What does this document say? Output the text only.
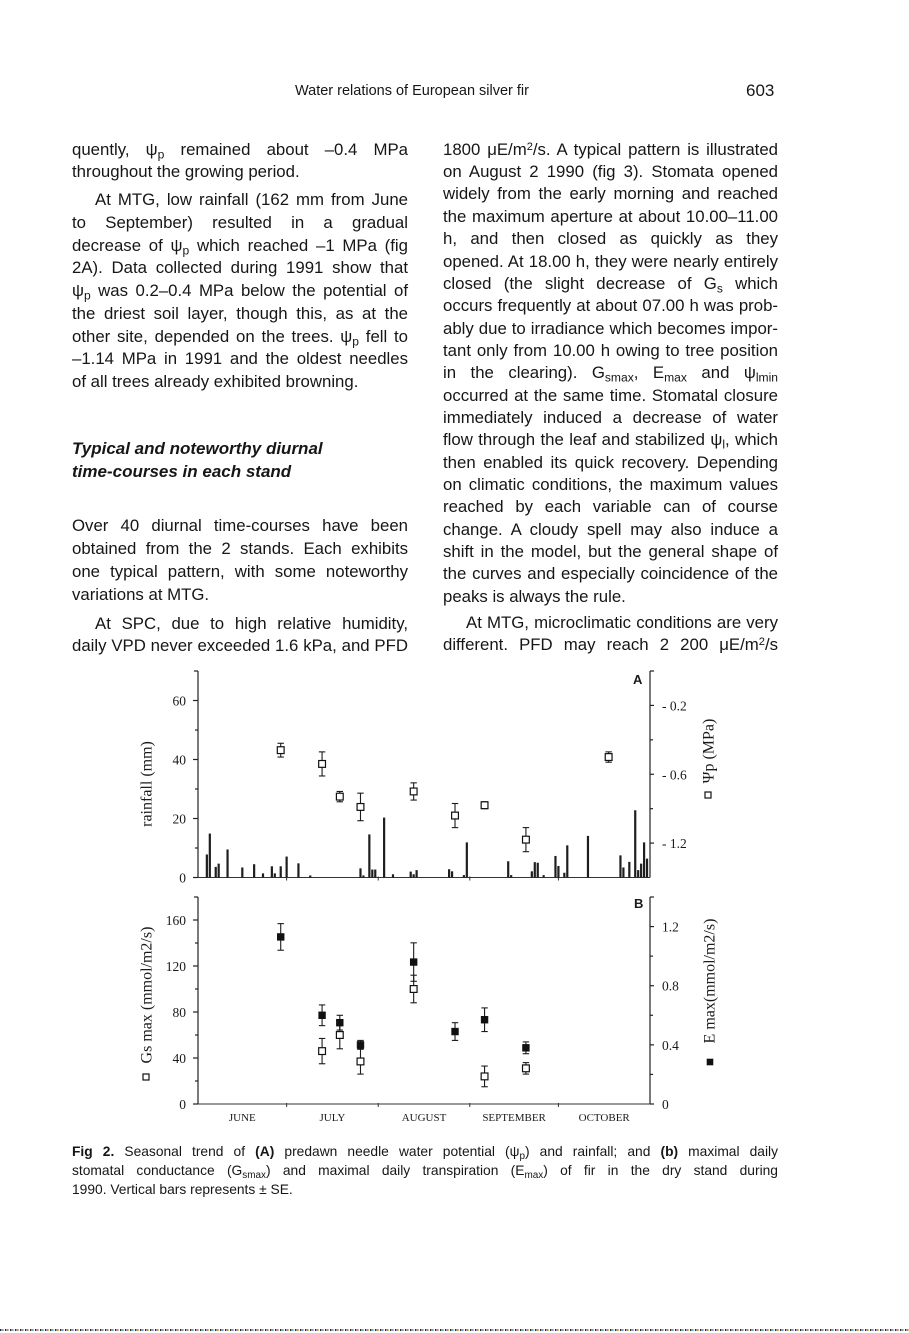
Water relations of European silver fir	603
quently, $\psi_p$ remained about –0.4 MPa
throughout the growing period.
At MTG, low rainfall (162 mm from June
to September) resulted in a gradual
decrease of $\psi_p$ which reached –1 MPa (fig
2A). Data collected during 1991 show that
$\psi_p$ was 0.2–0.4 MPa below the potential of
the driest soil layer, though this, as at the
other site, depended on the trees. $\psi_p$ fell to
–1.14 MPa in 1991 and the oldest needles
of all trees already exhibited browning.
Typical and noteworthy diurnal
time-courses in each stand
Over 40 diurnal time-courses have been
obtained from the 2 stands. Each exhibits
one typical pattern, with some noteworthy
variations at MTG.
At SPC, due to high relative humidity,
daily VPD never exceeded 1.6 kPa, and PFD
1800 $\mu E/m^2/s$. A typical pattern is illustrated
on August 2 1990 (fig 3). Stomata opened
widely from the early morning and reached
the maximum aperture at about 10.00–11.00
h, and then closed as quickly as they
opened. At 18.00 h, they were nearly entirely
closed (the slight decrease of $G_s$ which
occurs frequently at about 07.00 h was prob-
ably due to irradiance which becomes impor-
tant only from 10.00 h owing to tree position
in the clearing). $G_{smax}$, $E_{max}$ and $\psi_{lmin}$
occurred at the same time. Stomatal closure
immediately induced a decrease of water
flow through the leaf and stabilized $\psi_l$, which
then enabled its quick recovery. Depending
on climatic conditions, the maximum values
reached by each variable can of course
change. A cloudy spell may also induce a
shift in the model, but the general shape of
the curves and especially coincidence of the
peaks is always the rule.
At MTG, microclimatic conditions are very
different. PFD may reach 2 200 $\mu E/m^2/s$
A
rainfall (mm)	Ψp (MPa)
0
20
40
60	- 0.2
- 0.6
- 1.2
B
Gs max (mmol/m2/s)	E max(mmol/m2/s)
JUNE	JULY	AUGUST	SEPTEMBER	OCTOBER
0
40
80
120
160
0
0.4
0.8
1.2
Fig 2. Seasonal trend of (A) predawn needle water potential $(\psi_p)$ and rainfall; and (b) maximal daily
stomatal conductance $(G_{smax})$ and maximal daily transpiration $(E_{max})$ of fir in the dry stand during
1990. Vertical bars represents ± SE.
